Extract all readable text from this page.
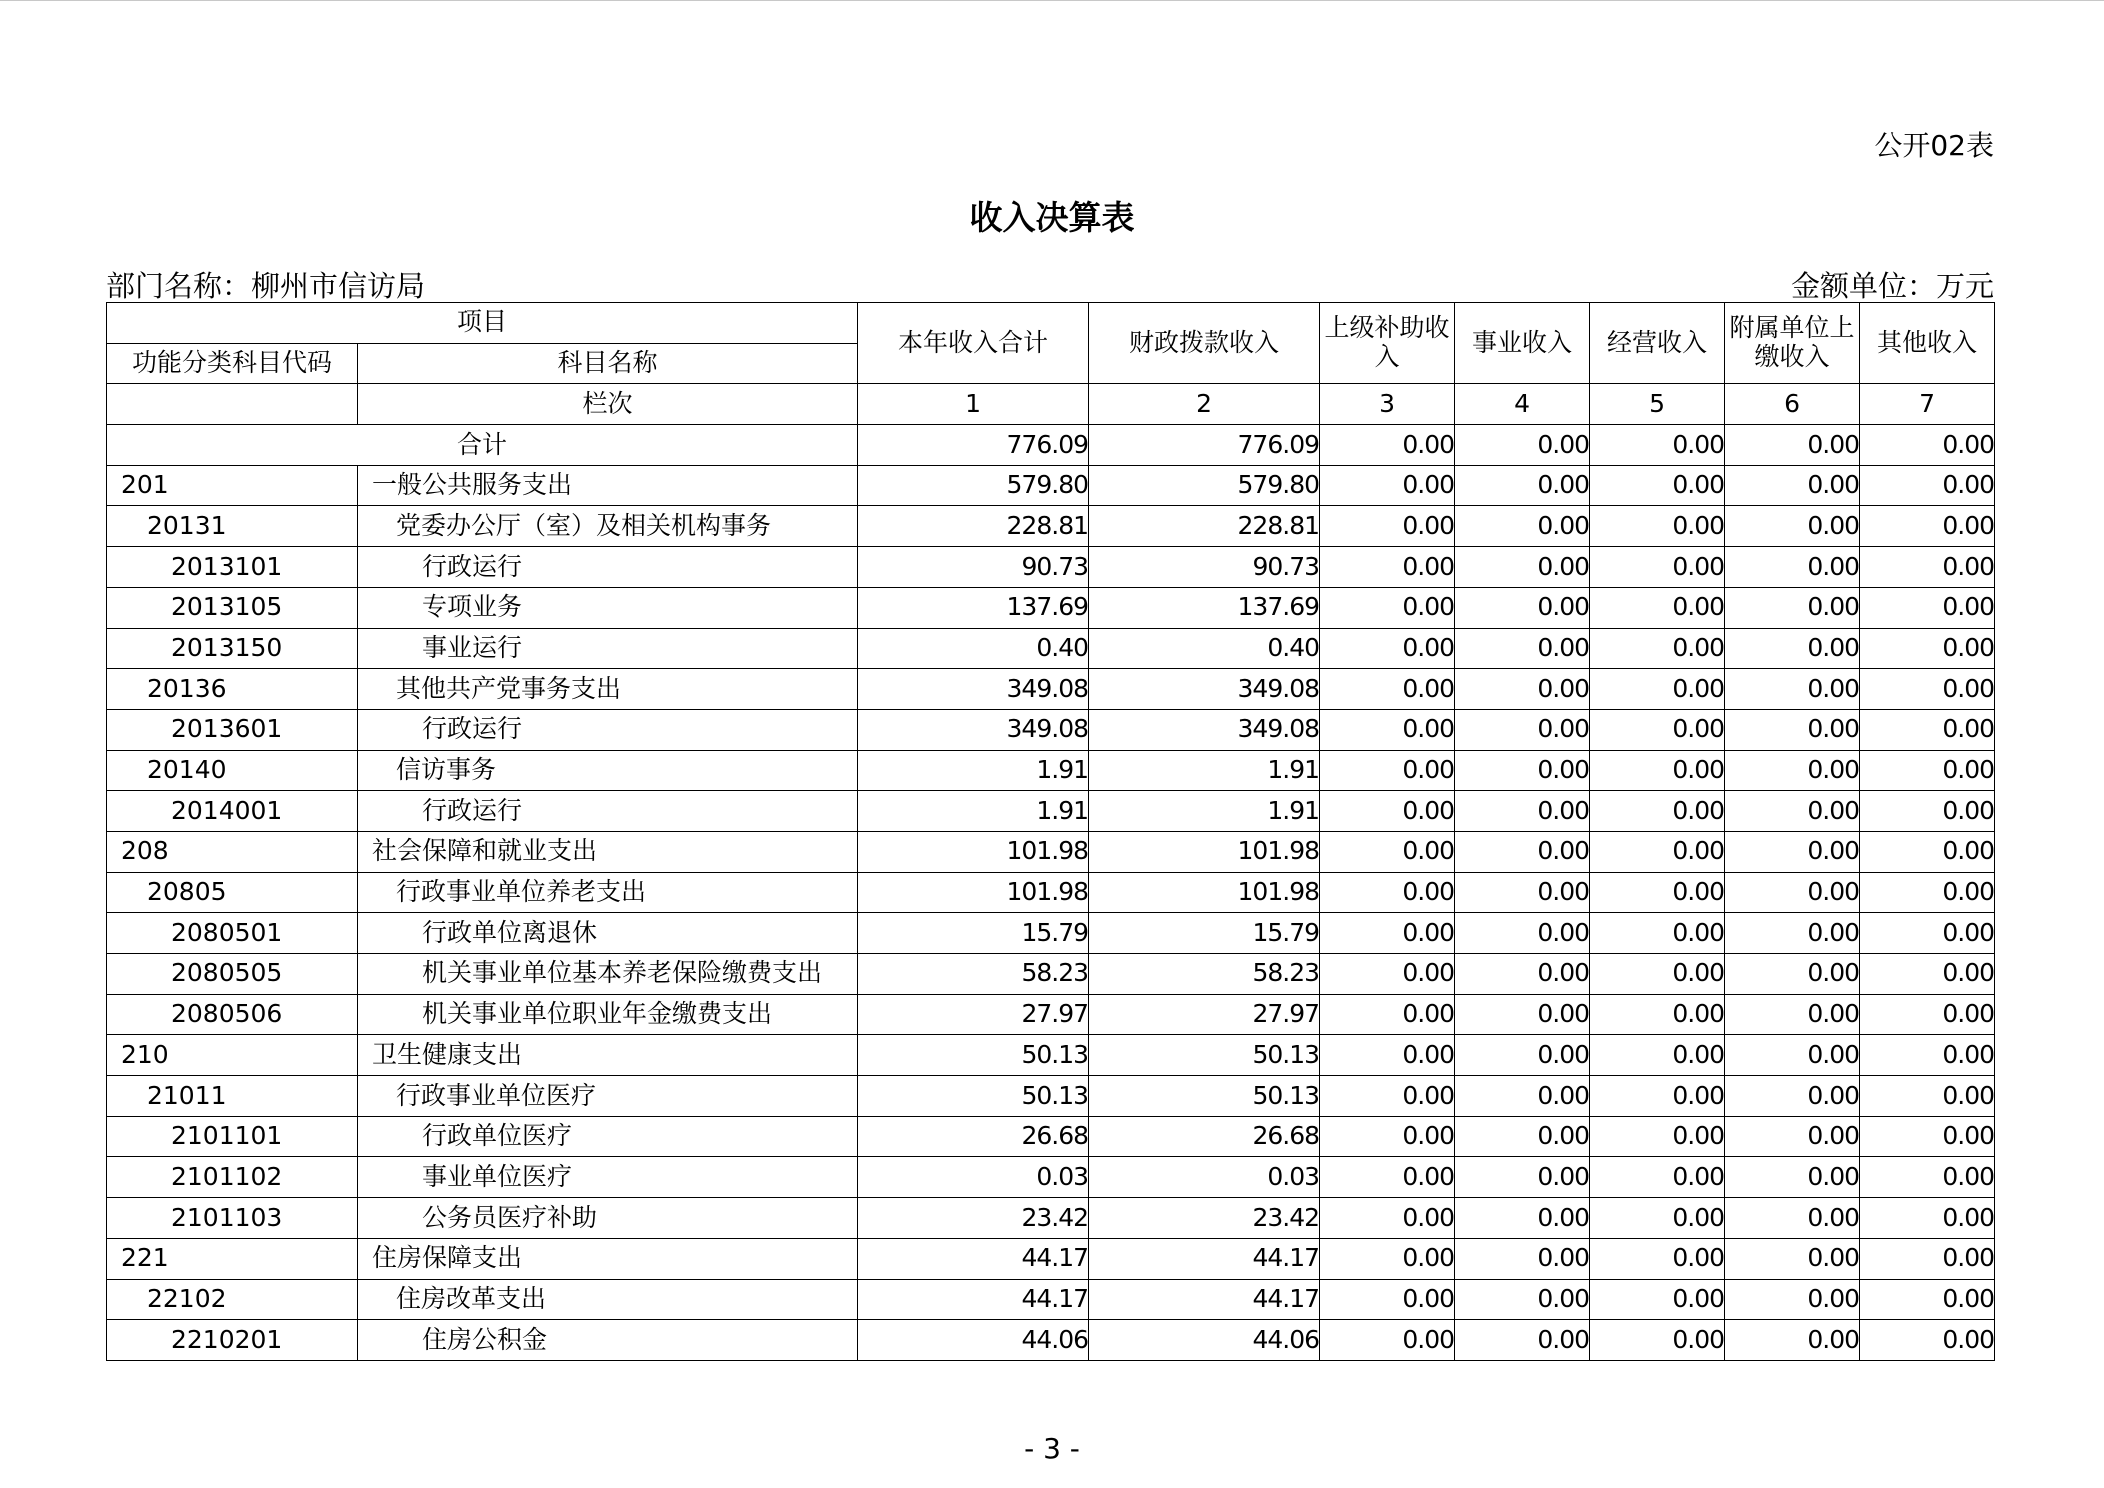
公开02表
收入决算表
部门名称：柳州市信访局	金额单位：万元
项目		本年收入合计	财政拨款收入	上级补助收入	事业收入	经营收入	附属单位上缴收入	其他收入
功能分类科目代码	科目名称							
	栏次	1	2	3	4	5	6	7
合计		776.09	776.09	0.00	0.00	0.00	0.00	0.00
201	一般公共服务支出	579.80	579.80	0.00	0.00	0.00	0.00	0.00
20131	党委办公厅（室）及相关机构事务	228.81	228.81	0.00	0.00	0.00	0.00	0.00
2013101	行政运行	90.73	90.73	0.00	0.00	0.00	0.00	0.00
2013105	专项业务	137.69	137.69	0.00	0.00	0.00	0.00	0.00
2013150	事业运行	0.40	0.40	0.00	0.00	0.00	0.00	0.00
20136	其他共产党事务支出	349.08	349.08	0.00	0.00	0.00	0.00	0.00
2013601	行政运行	349.08	349.08	0.00	0.00	0.00	0.00	0.00
20140	信访事务	1.91	1.91	0.00	0.00	0.00	0.00	0.00
2014001	行政运行	1.91	1.91	0.00	0.00	0.00	0.00	0.00
208	社会保障和就业支出	101.98	101.98	0.00	0.00	0.00	0.00	0.00
20805	行政事业单位养老支出	101.98	101.98	0.00	0.00	0.00	0.00	0.00
2080501	行政单位离退休	15.79	15.79	0.00	0.00	0.00	0.00	0.00
2080505	机关事业单位基本养老保险缴费支出	58.23	58.23	0.00	0.00	0.00	0.00	0.00
2080506	机关事业单位职业年金缴费支出	27.97	27.97	0.00	0.00	0.00	0.00	0.00
210	卫生健康支出	50.13	50.13	0.00	0.00	0.00	0.00	0.00
21011	行政事业单位医疗	50.13	50.13	0.00	0.00	0.00	0.00	0.00
2101101	行政单位医疗	26.68	26.68	0.00	0.00	0.00	0.00	0.00
2101102	事业单位医疗	0.03	0.03	0.00	0.00	0.00	0.00	0.00
2101103	公务员医疗补助	23.42	23.42	0.00	0.00	0.00	0.00	0.00
221	住房保障支出	44.17	44.17	0.00	0.00	0.00	0.00	0.00
22102	住房改革支出	44.17	44.17	0.00	0.00	0.00	0.00	0.00
2210201	住房公积金	44.06	44.06	0.00	0.00	0.00	0.00	0.00
- 3 -
